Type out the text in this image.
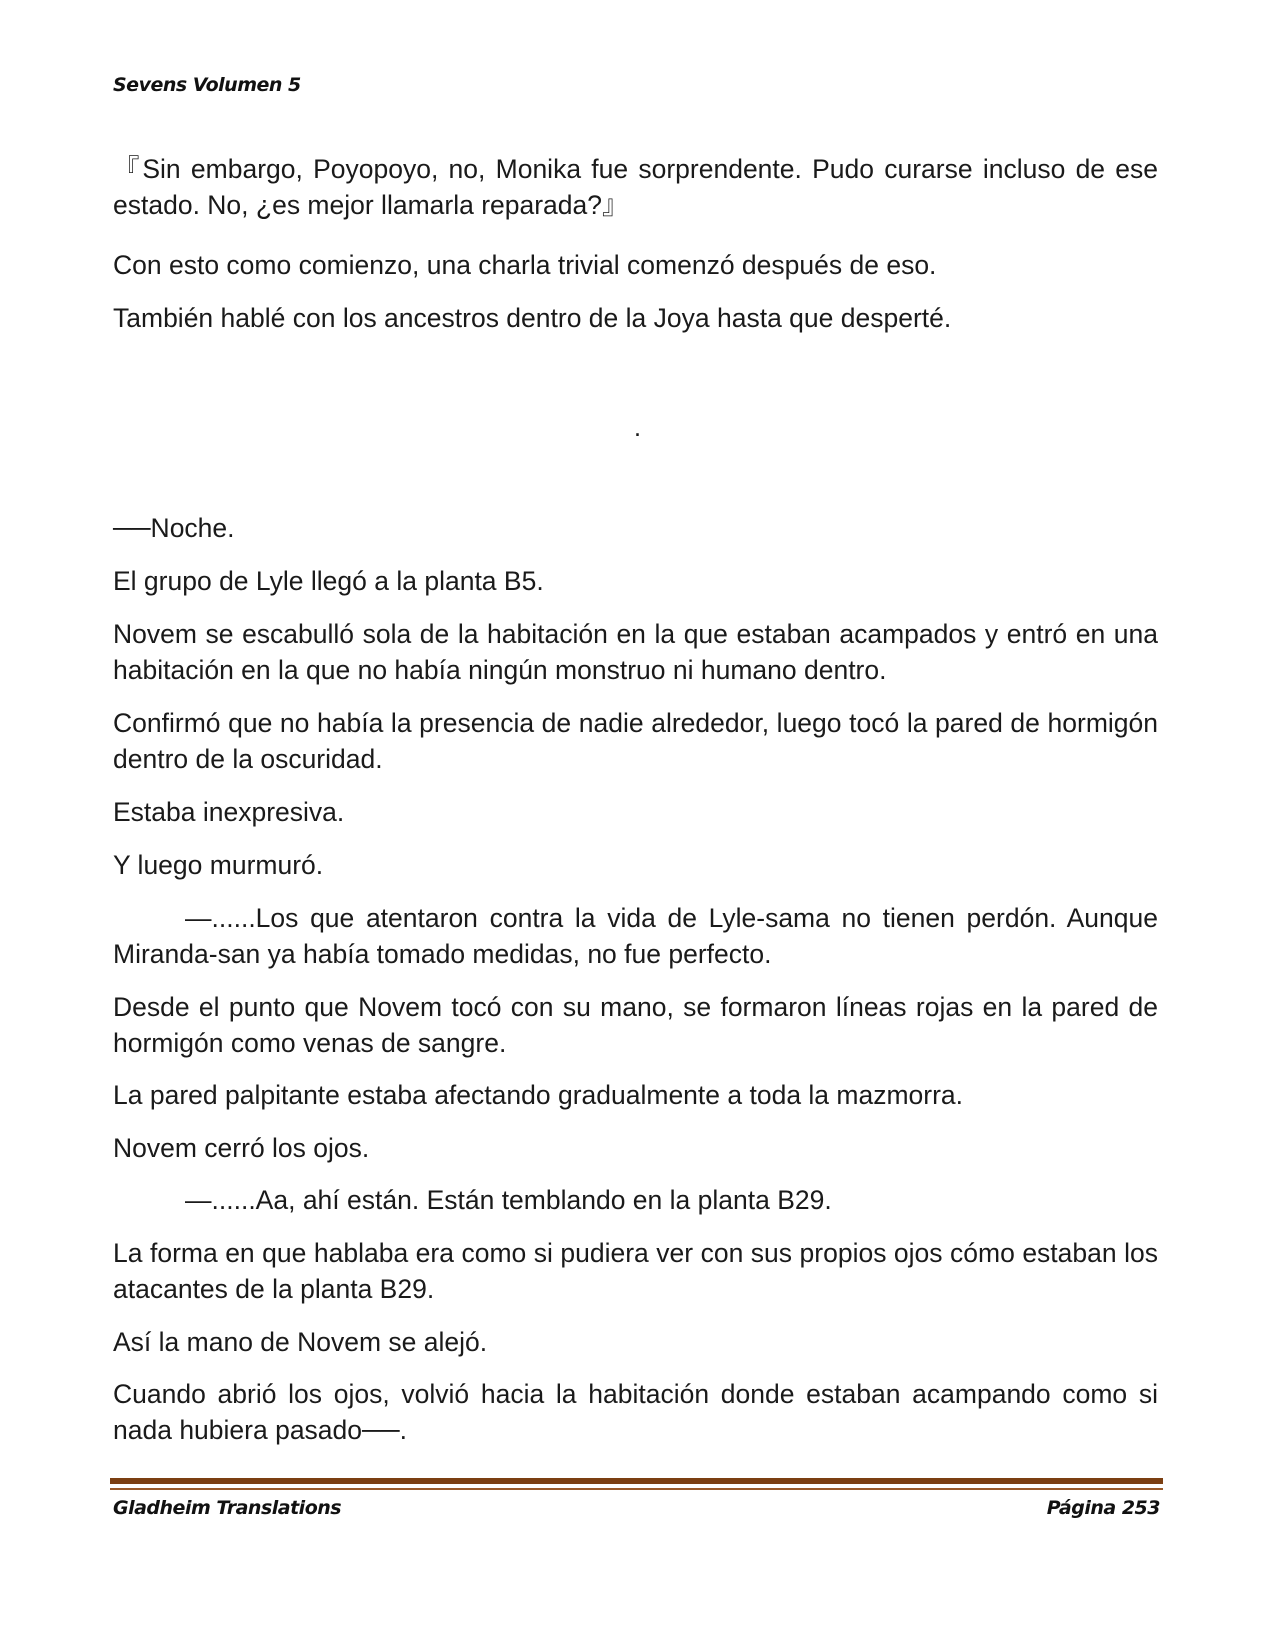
Sevens Volumen 5

『Sin embargo, Poyopoyo, no, Monika fue sorprendente. Pudo curarse incluso de ese estado. No, ¿es mejor llamarla reparada?』

Con esto como comienzo, una charla trivial comenzó después de eso.

También hablé con los ancestros dentro de la Joya hasta que desperté.

.

──Noche.

El grupo de Lyle llegó a la planta B5.

Novem se escabulló sola de la habitación en la que estaban acampados y entró en una habitación en la que no había ningún monstruo ni humano dentro.

Confirmó que no había la presencia de nadie alrededor, luego tocó la pared de hormigón dentro de la oscuridad.

Estaba inexpresiva.

Y luego murmuró.

—......Los que atentaron contra la vida de Lyle-sama no tienen perdón. Aunque Miranda-san ya había tomado medidas, no fue perfecto.

Desde el punto que Novem tocó con su mano, se formaron líneas rojas en la pared de hormigón como venas de sangre.

La pared palpitante estaba afectando gradualmente a toda la mazmorra.

Novem cerró los ojos.

—......Aa, ahí están. Están temblando en la planta B29.

La forma en que hablaba era como si pudiera ver con sus propios ojos cómo estaban los atacantes de la planta B29.

Así la mano de Novem se alejó.

Cuando abrió los ojos, volvió hacia la habitación donde estaban acampando como si nada hubiera pasado──.

Gladheim Translations	Página 253
